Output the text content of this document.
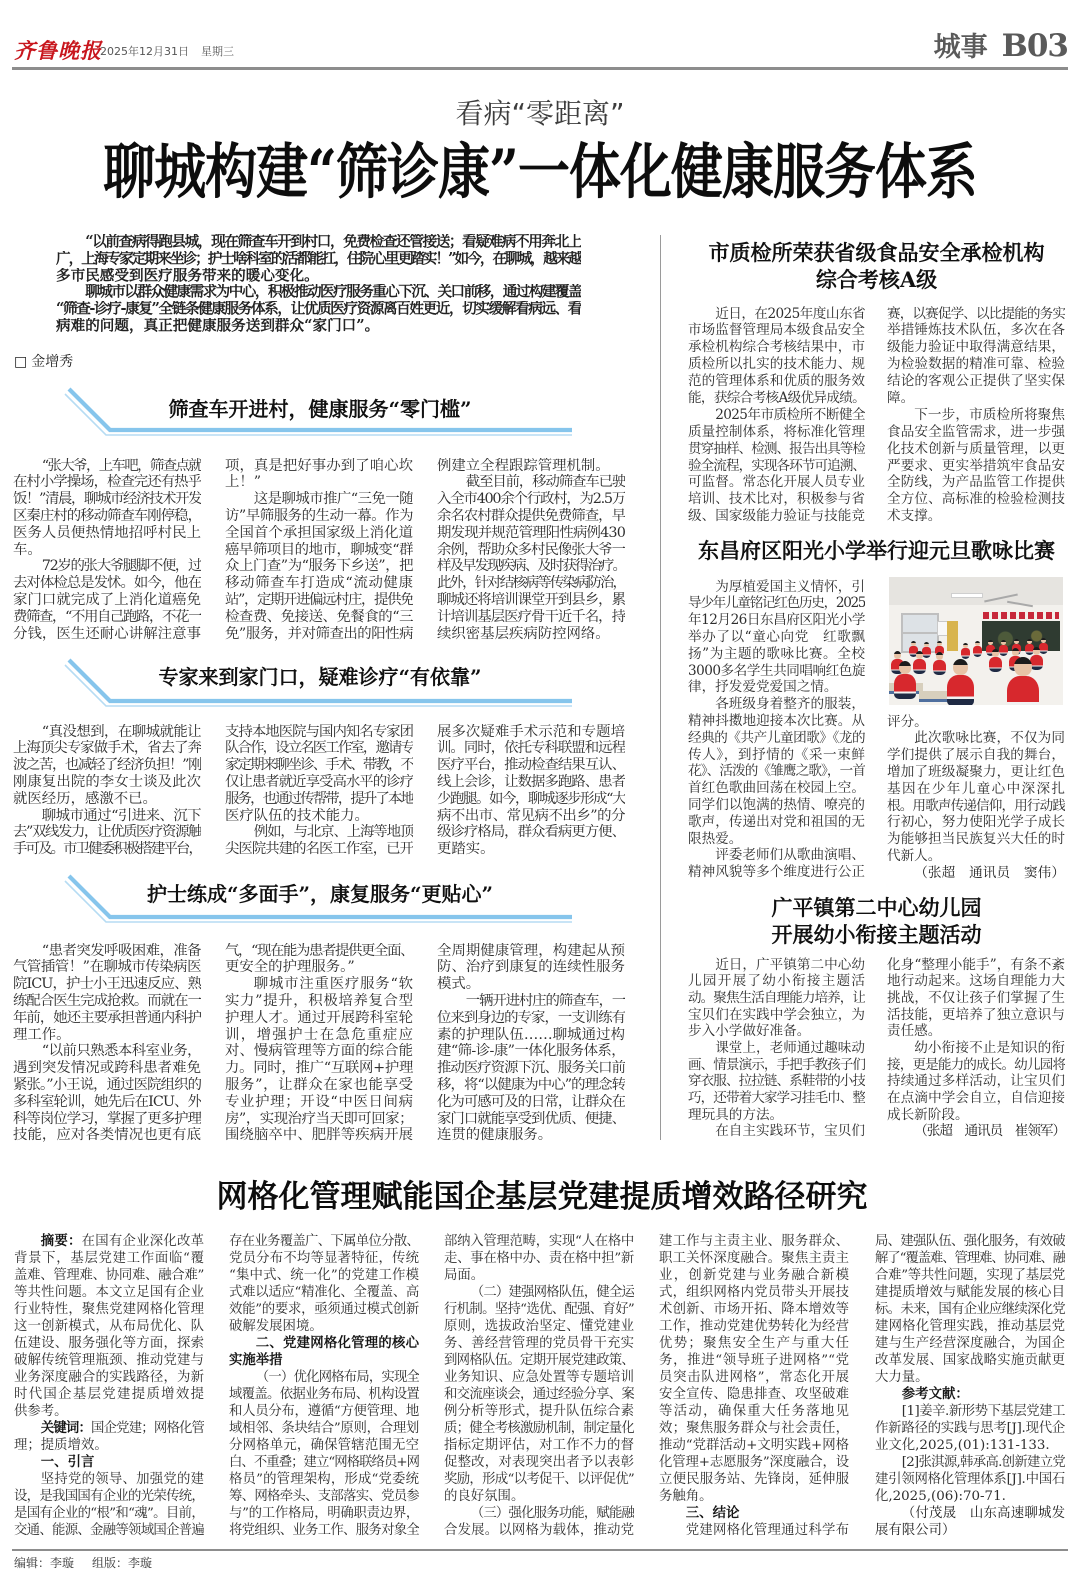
齐鲁晚报
2025年12月31日 星期三	城事 B03
看病“零距离”
聊城构建“筛诊康”一体化健康服务体系
“以前查病得跑县城，现在筛查车开到村口，免费检查还管接送；看疑难病不用奔北上
广，上海专家定期来坐诊；护士啥科室的活都能扛，住院心里更踏实！”如今，在聊城，越来越
多市民感受到医疗服务带来的暖心变化。
聊城市以群众健康需求为中心，积极推动医疗服务重心下沉、关口前移，通过构建覆盖
“筛查-诊疗-康复”全链条健康服务体系，让优质医疗资源离百姓更近，切实缓解看病远、看
病难的问题，真正把健康服务送到群众“家门口”。
□ 金增秀
筛查车开进村，健康服务“零门槛”
“张大爷，上车吧，筛查点就
在村小学操场，检查完还有热乎
饭！”清晨，聊城市经济技术开发
区秦庄村的移动筛查车刚停稳，
医务人员便热情地招呼村民上
车。
72岁的张大爷腿脚不便，过
去对体检总是发怵。如今，他在
家门口就完成了上消化道癌免
费筛查，“不用自己跑路，不花一
分钱，医生还耐心讲解注意事
项，真是把好事办到了咱心坎
上！”
这是聊城市推广“三免一随
访”早筛服务的生动一幕。作为
全国首个承担国家级上消化道
癌早筛项目的地市，聊城变“群
众上门查”为“服务下乡送”，把
移动筛查车打造成“流动健康
站”，定期开进偏远村庄，提供免
检查费、免接送、免餐食的“三
免”服务，并对筛查出的阳性病
例建立全程跟踪管理机制。
截至目前，移动筛查车已驶
入全市400余个行政村，为2.5万
余名农村群众提供免费筛查，早
期发现并规范管理阳性病例430
余例，帮助众多村民像张大爷一
样及早发现疾病、及时获得治疗。
此外，针对结核病等传染病防治，
聊城还将培训课堂开到县乡，累
计培训基层医疗骨干近千名，持
续织密基层疾病防控网络。
专家来到家门口，疑难诊疗“有依靠”
“真没想到，在聊城就能让
上海顶尖专家做手术，省去了奔
波之苦，也减轻了经济负担！”刚
刚康复出院的李女士谈及此次
就医经历，感激不已。
聊城市通过“引进来、沉下
去”双线发力，让优质医疗资源触
手可及。市卫健委积极搭建平台，
支持本地医院与国内知名专家团
队合作，设立名医工作室，邀请专
家定期来聊坐诊、手术、带教，不
仅让患者就近享受高水平的诊疗
服务，也通过传帮带，提升了本地
医疗队伍的技术能力。
例如，与北京、上海等地顶
尖医院共建的名医工作室，已开
展多次疑难手术示范和专题培
训。同时，依托专科联盟和远程
医疗平台，推动检查结果互认、
线上会诊，让数据多跑路、患者
少跑腿。如今，聊城逐步形成“大
病不出市、常见病不出乡”的分
级诊疗格局，群众看病更方便、
更踏实。
护士练成“多面手”，康复服务“更贴心”
“患者突发呼吸困难，准备
气管插管！”在聊城市传染病医
院ICU，护士小王迅速反应、熟
练配合医生完成抢救。而就在一
年前，她还主要承担普通内科护
理工作。
“以前只熟悉本科室业务，
遇到突发情况或跨科患者难免
紧张。”小王说，通过医院组织的
多科室轮训，她先后在ICU、外
科等岗位学习，掌握了更多护理
技能，应对各类情况也更有底
气，“现在能为患者提供更全面、
更安全的护理服务。”
聊城市注重医疗服务“软
实力”提升，积极培养复合型
护理人才。通过开展跨科室轮
训，增强护士在急危重症应
对、慢病管理等方面的综合能
力。同时，推广“互联网+护理
服务”，让群众在家也能享受
专业护理；开设“中医日间病
房”，实现治疗当天即可回家；
围绕脑卒中、肥胖等疾病开展
全周期健康管理，构建起从预
防、治疗到康复的连续性服务
模式。
一辆开进村庄的筛查车，一
位来到身边的专家，一支训练有
素的护理队伍……聊城通过构
建“筛-诊-康”一体化服务体系，
推动医疗资源下沉、服务关口前
移，将“以健康为中心”的理念转
化为可感可及的日常，让群众在
家门口就能享受到优质、便捷、
连贯的健康服务。
市质检所荣获省级食品安全承检机构
综合考核A级
近日，在2025年度山东省
市场监督管理局本级食品安全
承检机构综合考核结果中，市
质检所以扎实的技术能力、规
范的管理体系和优质的服务效
能，获综合考核A级优异成绩。
2025年市质检所不断健全
质量控制体系，将标准化管理
贯穿抽样、检测、报告出具等检
验全流程，实现各环节可追溯、
可监督。常态化开展人员专业
培训、技术比对，积极参与省
级、国家级能力验证与技能竞
赛，以赛促学、以比提能的务实
举措锤炼技术队伍，多次在各
级能力验证中取得满意结果，
为检验数据的精准可靠、检验
结论的客观公正提供了坚实保
障。
下一步，市质检所将聚焦
食品安全监管需求，进一步强
化技术创新与质量管理，以更
严要求、更实举措筑牢食品安
全防线，为产品监管工作提供
全方位、高标准的检验检测技
术支撑。
东昌府区阳光小学举行迎元旦歌咏比赛
为厚植爱国主义情怀，引
导少年儿童铭记红色历史，2025
年12月26日东昌府区阳光小学
举办了以“童心向党　红歌飘
扬”为主题的歌咏比赛。全校
3000多名学生共同唱响红色旋
律，抒发爱党爱国之情。
各班级身着整齐的服装，
精神抖擞地迎接本次比赛。从
经典的《共产儿童团歌》《龙的
传人》，到抒情的《采一束鲜
花》、活泼的《雏鹰之歌》，一首
首红色歌曲回荡在校园上空。
同学们以饱满的热情、嘹亮的
歌声，传递出对党和祖国的无
限热爱。
评委老师们从歌曲演唱、
精神风貌等多个维度进行公正
评分。
此次歌咏比赛，不仅为同
学们提供了展示自我的舞台，
增加了班级凝聚力，更让红色
基因在少年儿童心中深深扎
根。用歌声传递信仰，用行动践
行初心，努力使阳光学子成长
为能够担当民族复兴大任的时
代新人。
（张超　通讯员　窦伟）
广平镇第二中心幼儿园
开展幼小衔接主题活动
近日，广平镇第二中心幼
儿园开展了幼小衔接主题活
动。聚焦生活自理能力培养，让
宝贝们在实践中学会独立，为
步入小学做好准备。
课堂上，老师通过趣味动
画、情景演示，手把手教孩子们
穿衣服、拉拉链、系鞋带的小技
巧，还带着大家学习挂毛巾、整
理玩具的方法。
在自主实践环节，宝贝们
化身“整理小能手”，有条不紊
地行动起来。这场自理能力大
挑战，不仅让孩子们掌握了生
活技能，更培养了独立意识与
责任感。
幼小衔接不止是知识的衔
接，更是能力的成长。幼儿园将
持续通过多样活动，让宝贝们
在点滴中学会自立，自信迎接
成长新阶段。
（张超　通讯员　崔领军）
网格化管理赋能国企基层党建提质增效路径研究
摘要：在国有企业深化改革
背景下，基层党建工作面临“覆
盖难、管理难、协同难、融合难”
等共性问题。本文立足国有企业
行业特性，聚焦党建网格化管理
这一创新模式，从布局优化、队
伍建设、服务强化等方面，探索
破解传统管理瓶颈、推动党建与
业务深度融合的实践路径，为新
时代国企基层党建提质增效提
供参考。
关键词：国企党建；网格化管
理；提质增效。
一、引言
坚持党的领导、加强党的建
设，是我国国有企业的光荣传统，
是国有企业的“根”和“魂”。目前，
交通、能源、金融等领域国企普遍
存在业务覆盖广、下属单位分散、
党员分布不均等显著特征，传统
“集中式、统一化”的党建工作模
式难以适应“精准化、全覆盖、高
效能”的要求，亟须通过模式创新
破解发展困境。
二、党建网格化管理的核心
实施举措
（一）优化网格布局，实现全
域覆盖。依据业务布局、机构设置
和人员分布，遵循“方便管理、地
域相邻、条块结合”原则，合理划
分网格单元，确保管辖范围无空
白、不重叠；建立“网格联络员+网
格员”的管理架构，形成“党委统
筹、网格牵头、支部落实、党员参
与”的工作格局，明确职责边界，
将党组织、业务工作、服务对象全
部纳入管理范畴，实现“人在格中
走、事在格中办、责在格中担”新
局面。
（二）建强网格队伍，健全运
行机制。坚持“选优、配强、育好”
原则，选拔政治坚定、懂党建业
务、善经营管理的党员骨干充实
到网格队伍。定期开展党建政策、
业务知识、应急处置等专题培训
和交流座谈会，通过经验分享、案
例分析等形式，提升队伍综合素
质；健全考核激励机制，制定量化
指标定期评估，对工作不力的督
促整改，对表现突出者予以表彰
奖励，形成“以考促干、以评促优”
的良好氛围。
（三）强化服务功能，赋能融
合发展。以网格为载体，推动党
建工作与主责主业、服务群众、
职工关怀深度融合。聚焦主责主
业，创新党建与业务融合新模
式，组织网格内党员带头开展技
术创新、市场开拓、降本增效等
工作，推动党建优势转化为经营
优势；聚焦安全生产与重大任
务，推进“领导班子进网格”“党
员突击队进网格”，常态化开展
安全宣传、隐患排查、攻坚破难
等活动，确保重大任务落地见
效；聚焦服务群众与社会责任，
推动“党群活动+文明实践+网格
化管理+志愿服务”深度融合，设
立便民服务站、先锋岗，延伸服
务触角。
三、结论
党建网格化管理通过科学布
局、建强队伍、强化服务，有效破
解了“覆盖难、管理难、协同难、融
合难”等共性问题，实现了基层党
建提质增效与赋能发展的核心目
标。未来，国有企业应继续深化党
建网格化管理实践，推动基层党
建与生产经营深度融合，为国企
改革发展、国家战略实施贡献更
大力量。
参考文献：
[1]姜辛.新形势下基层党建工
作新路径的实践与思考[J].现代企
业文化,2025,(01):131-133.
[2]张淇源,韩承高.创新建立党
建引领网格化管理体系[J].中国石
化,2025,(06):70-71.
（付茂晟　山东高速聊城发
展有限公司）
编辑：李璇 组版：李璇
